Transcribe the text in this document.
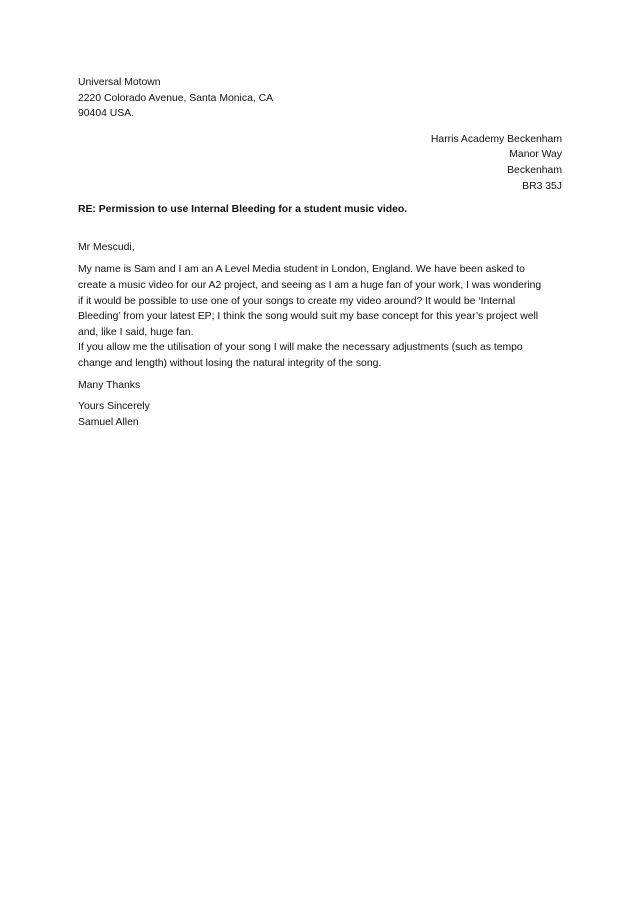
Universal Motown
2220 Colorado Avenue, Santa Monica, CA
90404 USA.
Harris Academy Beckenham
Manor Way
Beckenham
BR3 35J
RE: Permission to use Internal Bleeding for a student music video.
Mr Mescudi,
My name is Sam and I am an A Level Media student in London, England. We have been asked to
create a music video for our A2 project, and seeing as I am a huge fan of your work, I was wondering
if it would be possible to use one of your songs to create my video around? It would be ‘Internal
Bleeding’ from your latest EP; I think the song would suit my base concept for this year’s project well
and, like I said, huge fan.
If you allow me the utilisation of your song I will make the necessary adjustments (such as tempo
change and length) without losing the natural integrity of the song.
Many Thanks
Yours Sincerely
Samuel Allen
